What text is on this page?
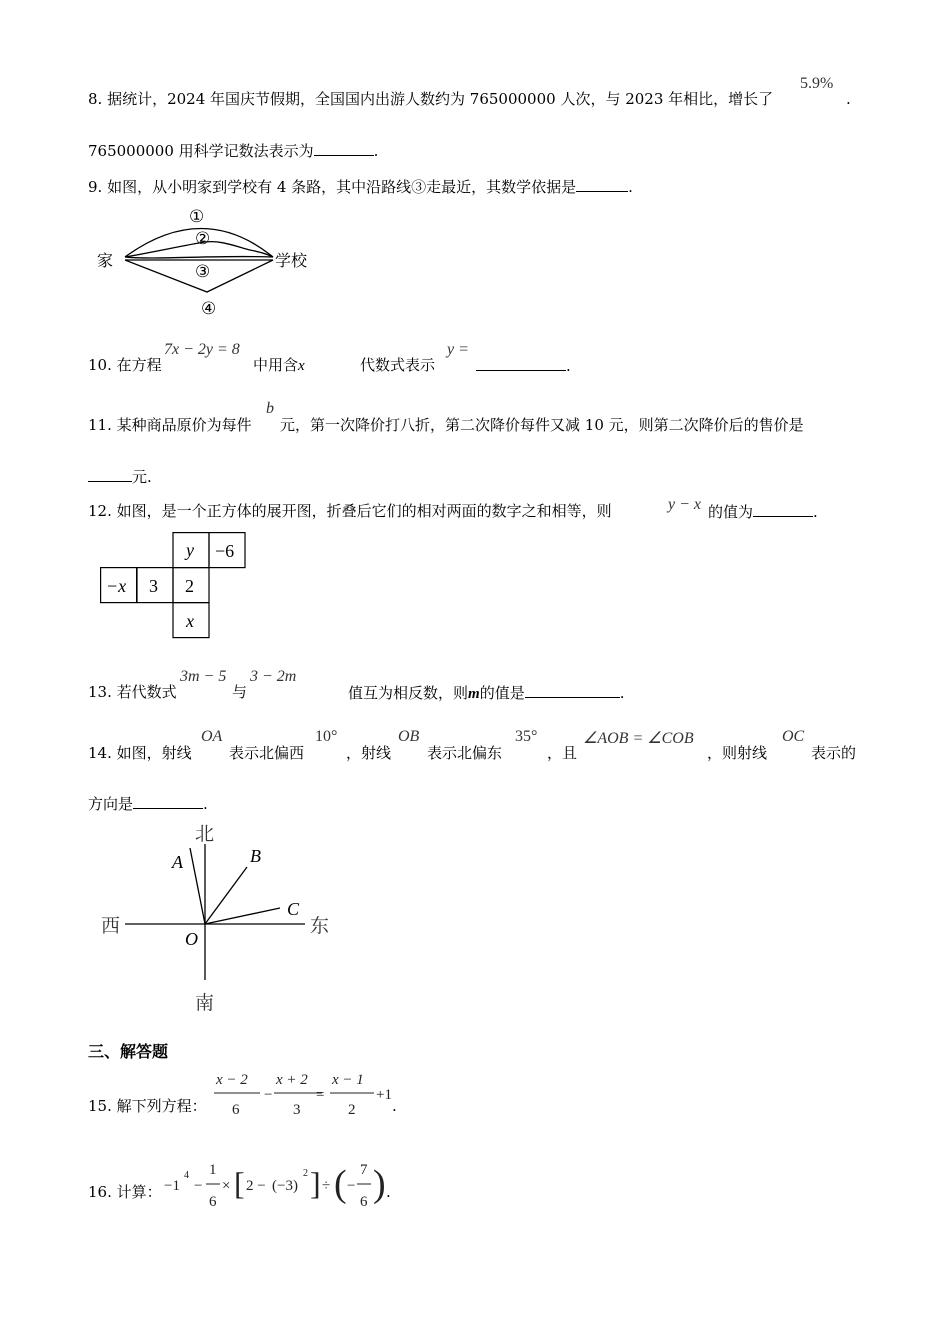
8. 据统计，2024 年国庆节假期，全国国内出游人数约为 765000000 人次，与 2023 年相比，增长了
5.9%
.
765000000 用科学记数法表示为	.
9. 如图，从小明家到学校有 4 条路，其中沿路线③走最近，其数学依据是	.
家	学校
①
②
③
④
10. 在方程
7x − 2y = 8
中用含x	代数式表示
y =
.
11. 某种商品原价为每件
b
元，第一次降价打八折，第二次降价每件又减 10 元，则第二次降价后的售价是
元.
12. 如图，是一个正方体的展开图，折叠后它们的相对两面的数字之和相等，则	y − x 的值为	.
y −6
−x 3 2
x
13. 若代数式
3m − 5
与
3 − 2m
值互为相反数，则m的值是	.
14. 如图，射线
OA
表示北偏西
10°
，射线
OB
表示北偏东
35°
，且
∠AOB = ∠COB
，则射线
OC
表示的
方向是	.
北
南
西	东
A	B
C
O
三、解答题
15. 解下列方程：
x − 2
6
−
x + 2
3
=
x − 1
2
+1
.
16. 计算： −1
4
−
1
6
× [ 2 − (−3)
2 ] ÷ ( −
7
6 ) .
